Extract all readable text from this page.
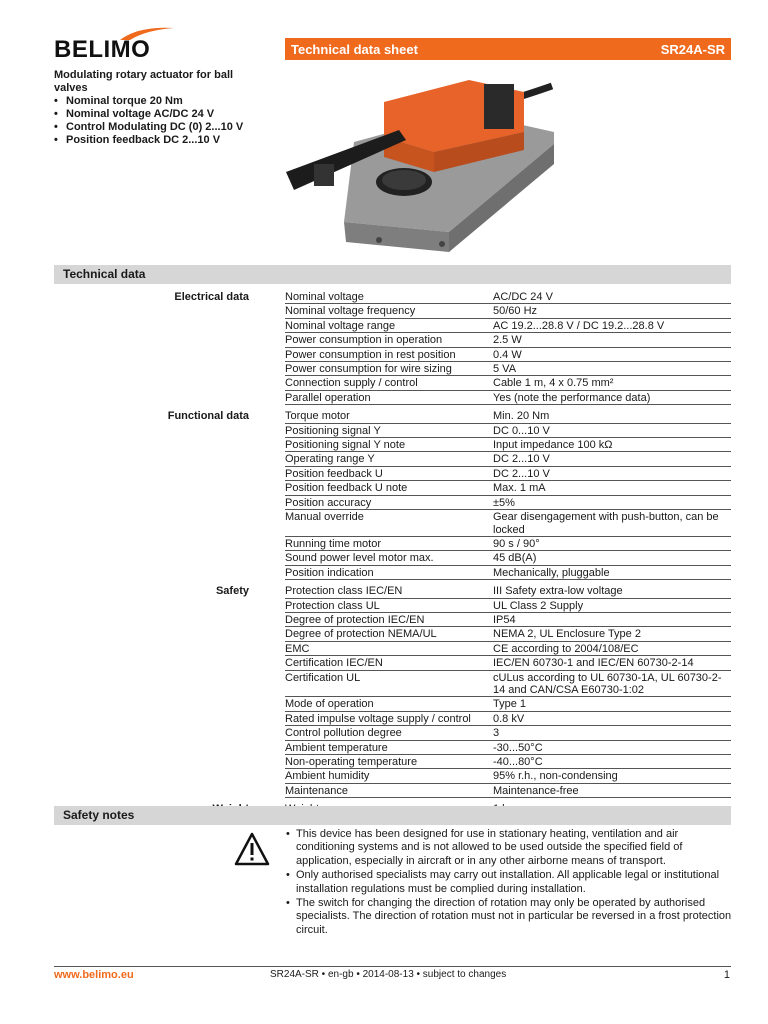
BELIMO	Technical data sheet	SR24A-SR
Modulating rotary actuator for ball valves
• Nominal torque 20 Nm
• Nominal voltage AC/DC 24 V
• Control Modulating DC (0) 2...10 V
• Position feedback DC 2...10 V
Technical data
Electrical data	Nominal voltage	AC/DC 24 V
Nominal voltage frequency	50/60 Hz
Nominal voltage range	AC 19.2...28.8 V / DC 19.2...28.8 V
Power consumption in operation	2.5 W
Power consumption in rest position	0.4 W
Power consumption for wire sizing	5 VA
Connection supply / control	Cable 1 m, 4 x 0.75 mm²
Parallel operation	Yes (note the performance data)
Functional data	Torque motor	Min. 20 Nm
Positioning signal Y	DC 0...10 V
Positioning signal Y note	Input impedance 100 kΩ
Operating range Y	DC 2...10 V
Position feedback U	DC 2...10 V
Position feedback U note	Max. 1 mA
Position accuracy	±5%
Manual override	Gear disengagement with push-button, can be locked
Running time motor	90 s / 90°
Sound power level motor max.	45 dB(A)
Position indication	Mechanically, pluggable
Safety	Protection class IEC/EN	III Safety extra-low voltage
Protection class UL	UL Class 2 Supply
Degree of protection IEC/EN	IP54
Degree of protection NEMA/UL	NEMA 2, UL Enclosure Type 2
EMC	CE according to 2004/108/EC
Certification IEC/EN	IEC/EN 60730-1 and IEC/EN 60730-2-14
Certification UL	cULus according to UL 60730-1A, UL 60730-2-14 and CAN/CSA E60730-1:02
Mode of operation	Type 1
Rated impulse voltage supply / control	0.8 kV
Control pollution degree	3
Ambient temperature	-30...50°C
Non-operating temperature	-40...80°C
Ambient humidity	95% r.h., non-condensing
Maintenance	Maintenance-free
Safety notes
• This device has been designed for use in stationary heating, ventilation and air conditioning systems and is not allowed to be used outside the specified field of application, especially in aircraft or in any other airborne means of transport.
• Only authorised specialists may carry out installation. All applicable legal or institutional installation regulations must be complied during installation.
• The switch for changing the direction of rotation may only be operated by authorised specialists. The direction of rotation must not in particular be reversed in a frost protection circuit.
www.belimo.eu	SR24A-SR • en-gb • 2014-08-13 • subject to changes	1
